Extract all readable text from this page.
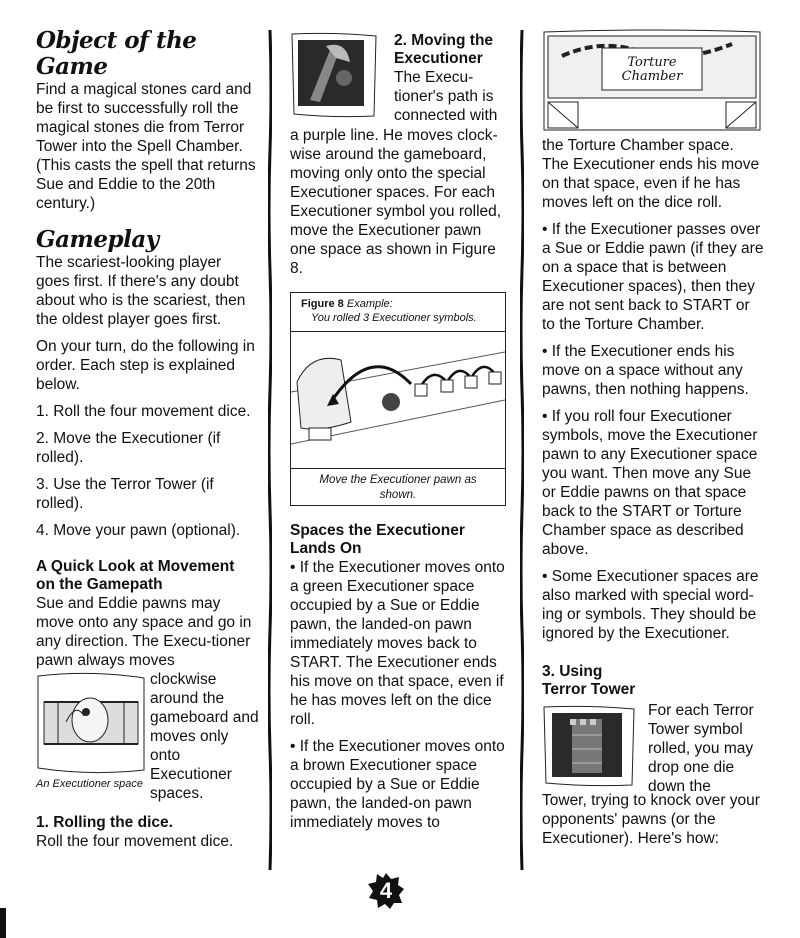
Object of the Game

Find a magical stones card and be first to successfully roll the magical stones die from Terror Tower into the Spell Chamber. (This casts the spell that returns Sue and Eddie to the 20th century.)

Gameplay

The scariest-looking player goes first. If there's any doubt about who is the scariest, then the oldest player goes first.

On your turn, do the following in order. Each step is explained below.

1. Roll the four movement dice.

2. Move the Executioner (if rolled).

3. Use the Terror Tower (if rolled).

4. Move your pawn (optional).

A Quick Look at Movement on the Gamepath

Sue and Eddie pawns may move onto any space and go in any direction. The Execu-tioner pawn always moves

clockwise around the gameboard and moves only onto Executioner spaces.

An Executioner space
1. Rolling the dice.

Roll the four movement dice.

2. Moving the Executioner

The Execu-tioner's path is connected with

a purple line. He moves clock-wise around the gameboard, moving only onto the special Executioner spaces. For each Executioner symbol you rolled, move the Executioner pawn one space as shown in Figure 8.

Figure 8 Example:
You rolled 3 Executioner symbols.
Move the Executioner pawn as shown.
Spaces the Executioner Lands On

• If the Executioner moves onto a green Executioner space occupied by a Sue or Eddie pawn, the landed-on pawn immediately moves back to START. The Executioner ends his move on that space, even if he has moves left on the dice roll.

• If the Executioner moves onto a brown Executioner space occupied by a Sue or Eddie pawn, the landed-on pawn immediately moves to

Torture Chamber

the Torture Chamber space. The Executioner ends his move on that space, even if he has moves left on the dice roll.

• If the Executioner passes over a Sue or Eddie pawn (if they are on a space that is between Executioner spaces), then they are not sent back to START or to the Torture Chamber.

• If the Executioner ends his move on a space without any pawns, then nothing happens.

• If you roll four Executioner symbols, move the Executioner pawn to any Executioner space you want. Then move any Sue or Eddie pawns on that space back to the START or Torture Chamber space as described above.

• Some Executioner spaces are also marked with special word-ing or symbols. They should be ignored by the Executioner.

3. Using
Terror Tower

For each Terror Tower symbol rolled, you may drop one die down the

Tower, trying to knock over your opponents' pawns (or the Executioner). Here's how:

4
